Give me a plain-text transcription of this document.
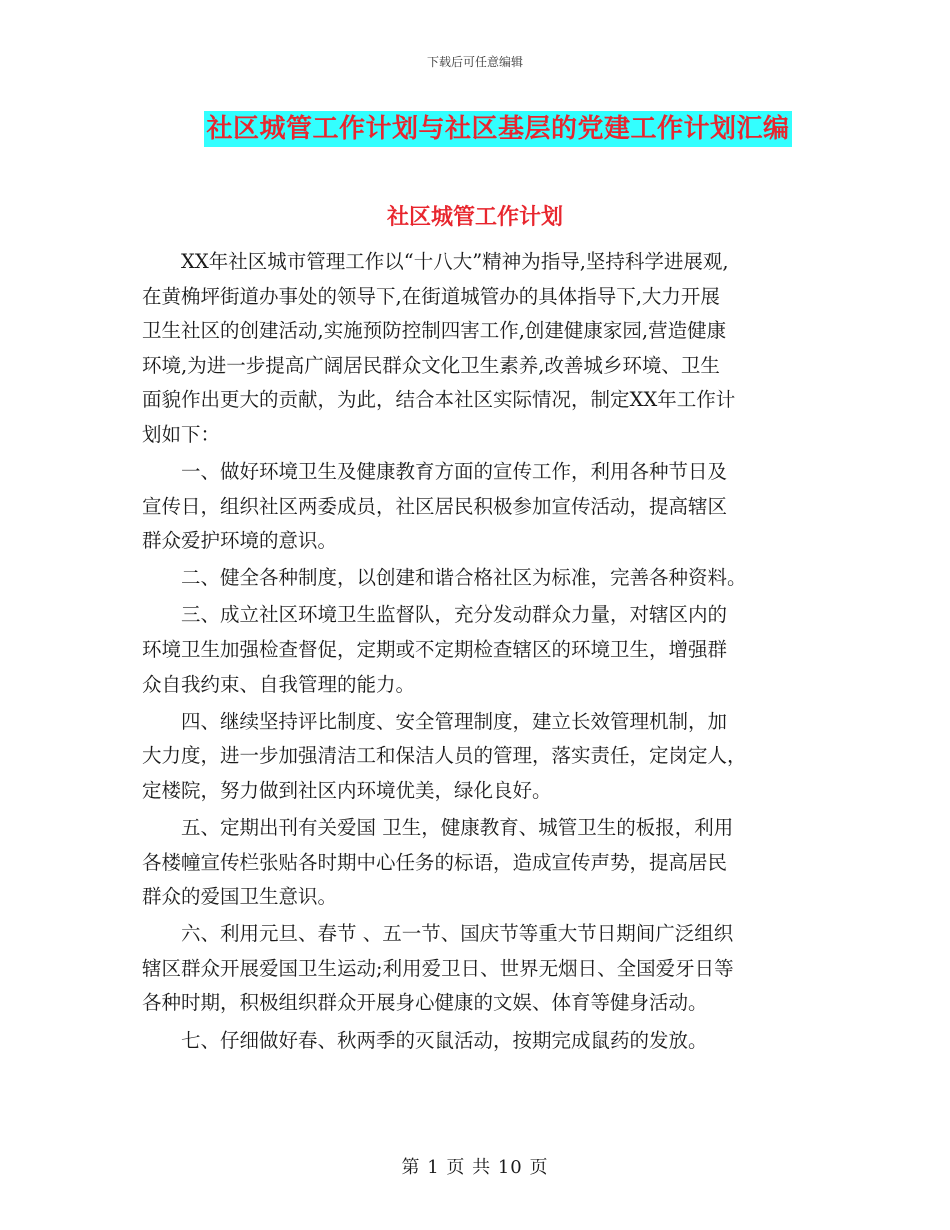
下载后可任意编辑
社区城管工作计划与社区基层的党建工作计划汇编
社区城管工作计划
　　XX年社区城市管理工作以“十八大”精神为指导,坚持科学进展观,
在黄桷坪街道办事处的领导下,在街道城管办的具体指导下,大力开展
卫生社区的创建活动,实施预防控制四害工作,创建健康家园,营造健康
环境,为进一步提高广阔居民群众文化卫生素养,改善城乡环境、卫生
面貌作出更大的贡献，为此，结合本社区实际情况，制定XX年工作计
划如下：
　　一、做好环境卫生及健康教育方面的宣传工作，利用各种节日及
宣传日，组织社区两委成员，社区居民积极参加宣传活动，提高辖区
群众爱护环境的意识。
　　二、健全各种制度，以创建和谐合格社区为标准，完善各种资料。
　　三、成立社区环境卫生监督队，充分发动群众力量，对辖区内的
环境卫生加强检查督促，定期或不定期检查辖区的环境卫生，增强群
众自我约束、自我管理的能力。
　　四、继续坚持评比制度、安全管理制度，建立长效管理机制，加
大力度，进一步加强清洁工和保洁人员的管理，落实责任，定岗定人，
定楼院，努力做到社区内环境优美，绿化良好。
　　五、定期出刊有关爱国 卫生，健康教育、城管卫生的板报，利用
各楼幢宣传栏张贴各时期中心任务的标语，造成宣传声势，提高居民
群众的爱国卫生意识。
　　六、利用元旦、春节 、五一节、国庆节等重大节日期间广泛组织
辖区群众开展爱国卫生运动;利用爱卫日、世界无烟日、全国爱牙日等
各种时期，积极组织群众开展身心健康的文娱、体育等健身活动。
　　七、仔细做好春、秋两季的灭鼠活动，按期完成鼠药的发放。
第 1 页 共 10 页
